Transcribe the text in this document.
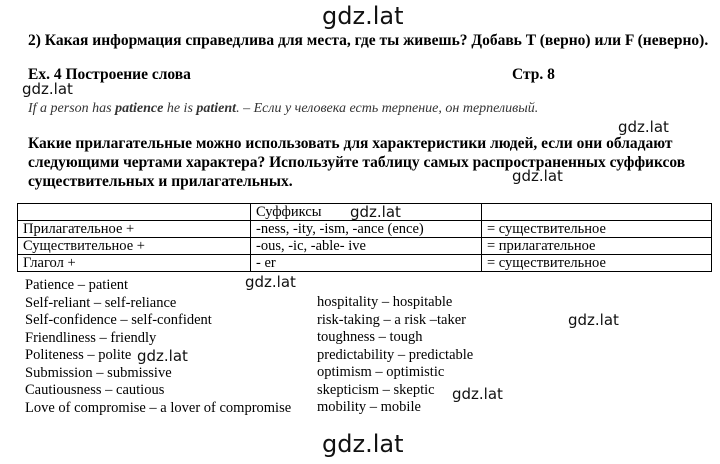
gdz.lat
gdz.lat
gdz.lat
gdz.lat
gdz.lat
gdz.lat
gdz.lat
gdz.lat
gdz.lat
gdz.lat
2) Какая информация справедлива для места, где ты живешь? Добавь T (верно) или F (неверно).
Ex. 4 Построение слова	Стр. 8
If a person has patience he is patient. – Если у человека есть терпение, он терпеливый.
Какие прилагательные можно использовать для характеристики людей, если они обладают
следующими чертами характера? Используйте таблицу самых распространенных суффиксов
существительных и прилагательных.
	Суффиксы	
Прилагательное +	-ness, -ity, -ism, -ance (ence)	= существительное
Существительное +	-ous, -ic, -able- ive	= прилагательное
Глагол +	- er	= существительное
Patience – patient
Self-reliant – self-reliance
Self-confidence – self-confident
Friendliness – friendly
Politeness – polite
Submission – submissive
Cautiousness – cautious
Love of compromise – a lover of compromise
hospitality – hospitable
risk-taking – a risk –taker
toughness – tough
predictability – predictable
optimism – optimistic
skepticism – skeptic
mobility – mobile
